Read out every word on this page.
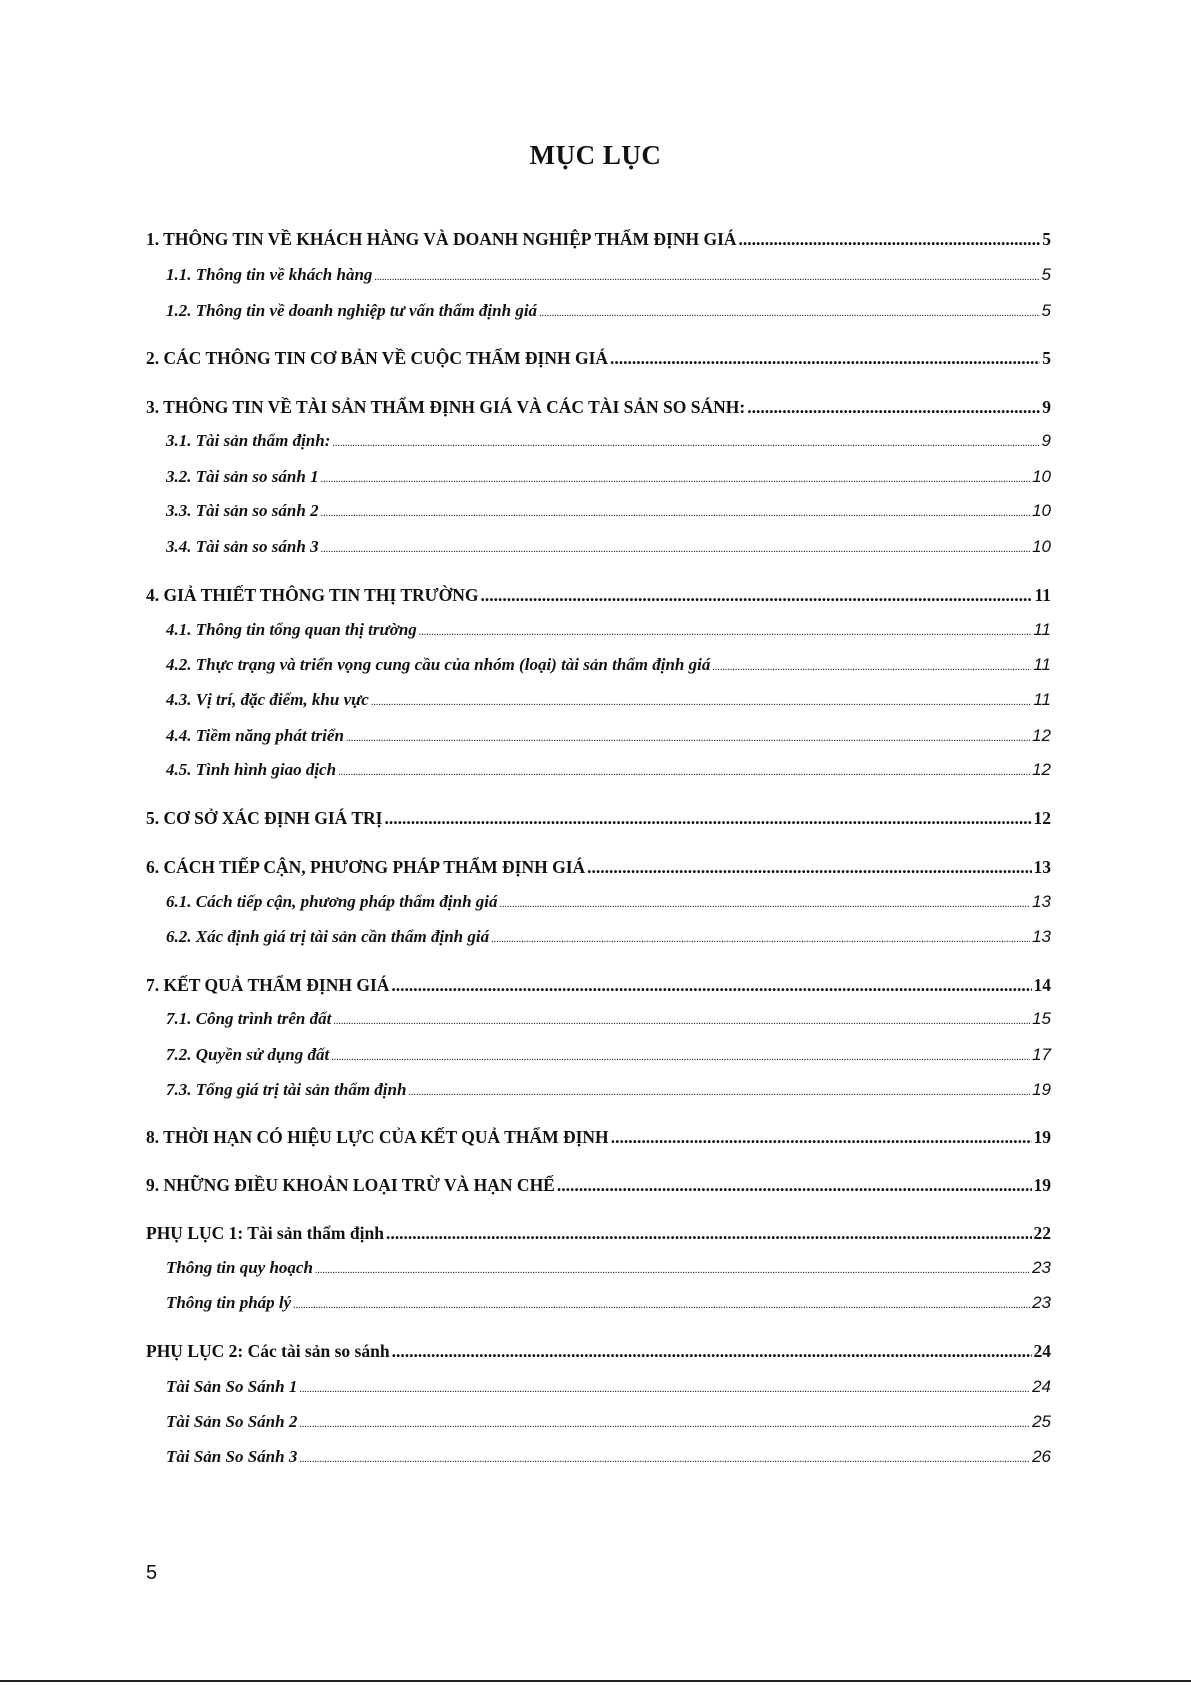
MỤC LỤC
1. THÔNG TIN VỀ KHÁCH HÀNG VÀ DOANH NGHIỆP THẨM ĐỊNH GIÁ .....	5
1.1. Thông tin về khách hàng .....	5
1.2. Thông tin về doanh nghiệp tư vấn thẩm định giá .....	5
2. CÁC THÔNG TIN CƠ BẢN VỀ CUỘC THẨM ĐỊNH GIÁ .....	5
3. THÔNG TIN VỀ TÀI SẢN THẨM ĐỊNH GIÁ VÀ CÁC TÀI SẢN SO SÁNH: .....	9
3.1. Tài sản thẩm định: .....	9
3.2. Tài sản so sánh 1 .....	10
3.3. Tài sản so sánh 2 .....	10
3.4. Tài sản so sánh 3 .....	10
4. GIẢ THIẾT THÔNG TIN THỊ TRƯỜNG .....	11
4.1. Thông tin tổng quan thị trường .....	11
4.2. Thực trạng và triển vọng cung cầu của nhóm (loại) tài sản thẩm định giá .....	11
4.3. Vị trí, đặc điểm, khu vực .....	11
4.4. Tiềm năng phát triển .....	12
4.5. Tình hình giao dịch .....	12
5. CƠ SỞ XÁC ĐỊNH GIÁ TRỊ .....	12
6. CÁCH TIẾP CẬN, PHƯƠNG PHÁP THẨM ĐỊNH GIÁ .....	13
6.1. Cách tiếp cận, phương pháp thẩm định giá .....	13
6.2. Xác định giá trị tài sản cần thẩm định giá .....	13
7. KẾT QUẢ THẨM ĐỊNH GIÁ .....	14
7.1. Công trình trên đất .....	15
7.2. Quyền sử dụng đất .....	17
7.3. Tổng giá trị tài sản thẩm định .....	19
8. THỜI HẠN CÓ HIỆU LỰC CỦA KẾT QUẢ THẨM ĐỊNH .....	19
9. NHỮNG ĐIỀU KHOẢN LOẠI TRỪ VÀ HẠN CHẾ .....	19
PHỤ LỤC 1: Tài sản thẩm định .....	22
Thông tin quy hoạch .....	23
Thông tin pháp lý .....	23
PHỤ LỤC 2: Các tài sản so sánh .....	24
Tài Sản So Sánh 1 .....	24
Tài Sản So Sánh 2 .....	25
Tài Sản So Sánh 3 .....	26
5
